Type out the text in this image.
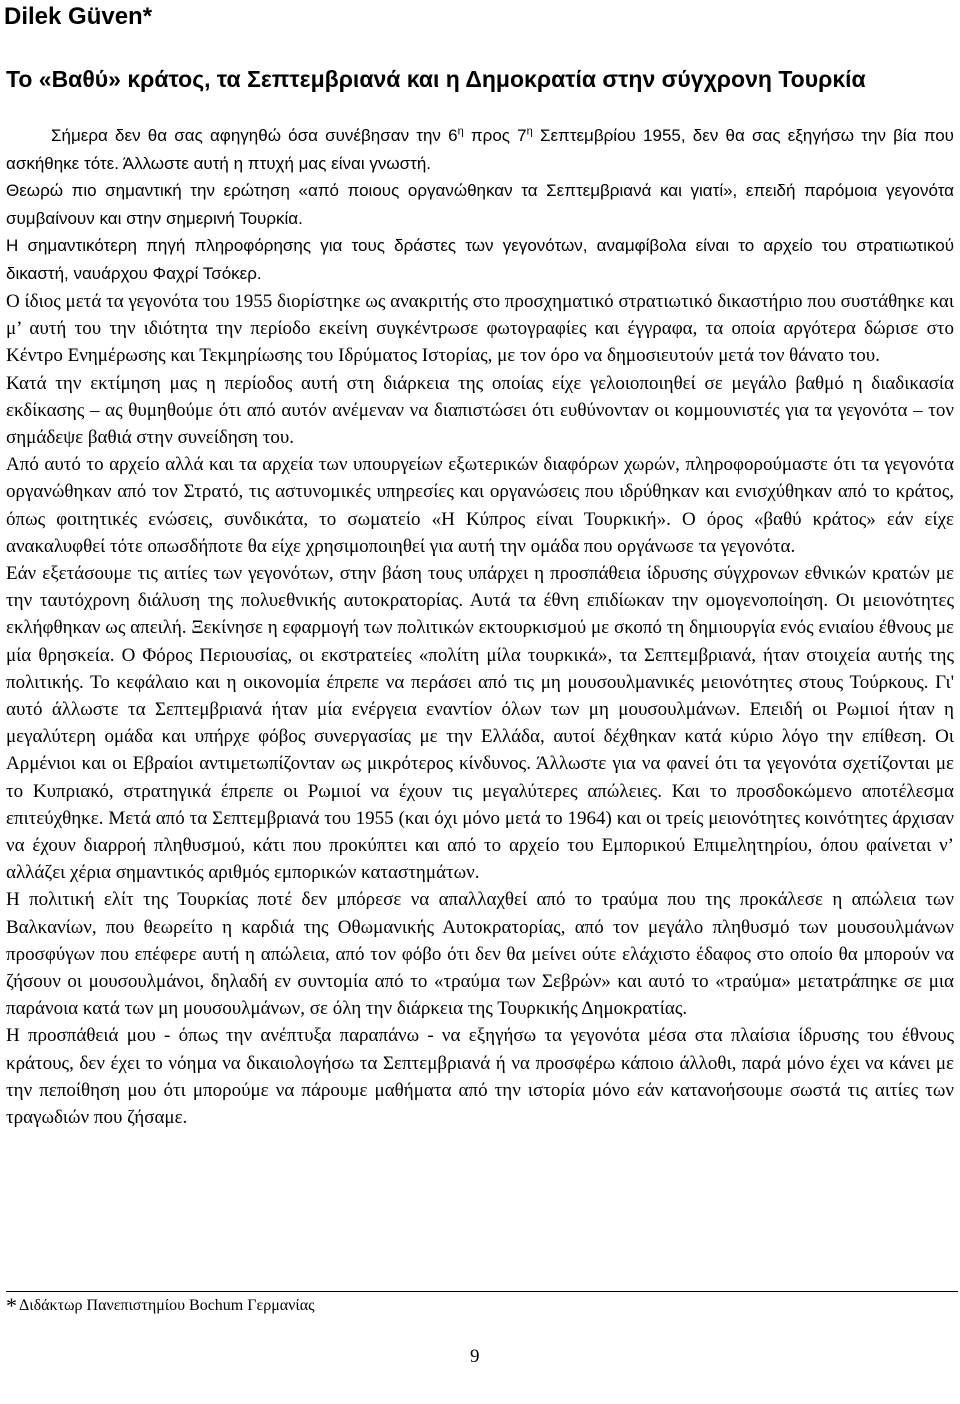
Dilek Güven*
Το «Βαθύ» κράτος, τα Σεπτεμβριανά και η Δημοκρατία στην σύγχρονη Τουρκία
Σήμερα δεν θα σας αφηγηθώ όσα συνέβησαν την $6^\eta$ προς $7^\eta$ Σεπτεμβρίου 1955, δεν θα σας εξηγήσω την βία που ασκήθηκε τότε. Άλλωστε αυτή η πτυχή μας είναι γνωστή.
Θεωρώ πιο σημαντική την ερώτηση «από ποιους οργανώθηκαν τα Σεπτεμβριανά και γιατί», επειδή παρόμοια γεγονότα συμβαίνουν και στην σημερινή Τουρκία.
Η σημαντικότερη πηγή πληροφόρησης για τους δράστες των γεγονότων, αναμφίβολα είναι το αρχείο του στρατιωτικού δικαστή, ναυάρχου Φαχρί Τσόκερ.
Ο ίδιος μετά τα γεγονότα του 1955 διορίστηκε ως ανακριτής στο προσχηματικό στρατιωτικό δικαστήριο που συστάθηκε και μ’ αυτή του την ιδιότητα την περίοδο εκείνη συγκέντρωσε φωτογραφίες και έγγραφα, τα οποία αργότερα δώρισε στο Κέντρο Ενημέρωσης και Τεκμηρίωσης του Ιδρύματος Ιστορίας, με τον όρο να δημοσιευτούν μετά τον θάνατο του.
Κατά την εκτίμηση μας η περίοδος αυτή στη διάρκεια της οποίας είχε γελοιοποιηθεί σε μεγάλο βαθμό η διαδικασία εκδίκασης – ας θυμηθούμε ότι από αυτόν ανέμεναν να διαπιστώσει ότι ευθύνονταν οι κομμουνιστές για τα γεγονότα – τον σημάδεψε βαθιά στην συνείδηση του.
Από αυτό το αρχείο αλλά και τα αρχεία των υπουργείων εξωτερικών διαφόρων χωρών, πληροφορούμαστε ότι τα γεγονότα οργανώθηκαν από τον Στρατό, τις αστυνομικές υπηρεσίες και οργανώσεις που ιδρύθηκαν και ενισχύθηκαν από το κράτος, όπως φοιτητικές ενώσεις, συνδικάτα, το σωματείο «Η Κύπρος είναι Τουρκική». Ο όρος «βαθύ κράτος» εάν είχε ανακαλυφθεί τότε οπωσδήποτε θα είχε χρησιμοποιηθεί για αυτή την ομάδα που οργάνωσε τα γεγονότα.
Εάν εξετάσουμε τις αιτίες των γεγονότων, στην βάση τους υπάρχει η προσπάθεια ίδρυσης σύγχρονων εθνικών κρατών με την ταυτόχρονη διάλυση της πολυεθνικής αυτοκρατορίας. Αυτά τα έθνη επιδίωκαν την ομογενοποίηση. Οι μειονότητες εκλήφθηκαν ως απειλή. Ξεκίνησε η εφαρμογή των πολιτικών εκτουρκισμού με σκοπό τη δημιουργία ενός ενιαίου έθνους με μία θρησκεία. Ο Φόρος Περιουσίας, οι εκστρατείες «πολίτη μίλα τουρκικά», τα Σεπτεμβριανά, ήταν στοιχεία αυτής της πολιτικής. Το κεφάλαιο και η οικονομία έπρεπε να περάσει από τις μη μουσουλμανικές μειονότητες στους Τούρκους. Γι' αυτό άλλωστε τα Σεπτεμβριανά ήταν μία ενέργεια εναντίον όλων των μη μουσουλμάνων. Επειδή οι Ρωμιοί ήταν η μεγαλύτερη ομάδα και υπήρχε φόβος συνεργασίας με την Ελλάδα, αυτοί δέχθηκαν κατά κύριο λόγο την επίθεση. Οι Αρμένιοι και οι Εβραίοι αντιμετωπίζονταν ως μικρότερος κίνδυνος. Άλλωστε για να φανεί ότι τα γεγονότα σχετίζονται με το Κυπριακό, στρατηγικά έπρεπε οι Ρωμιοί να έχουν τις μεγαλύτερες απώλειες. Και το προσδοκώμενο αποτέλεσμα επιτεύχθηκε. Μετά από τα Σεπτεμβριανά του 1955 (και όχι μόνο μετά το 1964) και οι τρείς μειονότητες κοινότητες άρχισαν να έχουν διαρροή πληθυσμού, κάτι που προκύπτει και από το αρχείο του Εμπορικού Επιμελητηρίου, όπου φαίνεται ν’ αλλάζει χέρια σημαντικός αριθμός εμπορικών καταστημάτων.
Η πολιτική ελίτ της Τουρκίας ποτέ δεν μπόρεσε να απαλλαχθεί από το τραύμα που της προκάλεσε η απώλεια των Βαλκανίων, που θεωρείτο η καρδιά της Οθωμανικής Αυτοκρατορίας, από τον μεγάλο πληθυσμό των μουσουλμάνων προσφύγων που επέφερε αυτή η απώλεια, από τον φόβο ότι δεν θα μείνει ούτε ελάχιστο έδαφος στο οποίο θα μπορούν να ζήσουν οι μουσουλμάνοι, δηλαδή εν συντομία από το «τραύμα των Σεβρών» και αυτό το «τραύμα» μετατράπηκε σε μια παράνοια κατά των μη μουσουλμάνων, σε όλη την διάρκεια της Τουρκικής Δημοκρατίας.
Η προσπάθειά μου - όπως την ανέπτυξα παραπάνω - να εξηγήσω τα γεγονότα μέσα στα πλαίσια ίδρυσης του έθνους κράτους, δεν έχει το νόημα να δικαιολογήσω τα Σεπτεμβριανά ή να προσφέρω κάποιο άλλοθι, παρά μόνο έχει να κάνει με την πεποίθηση μου ότι μπορούμε να πάρουμε μαθήματα από την ιστορία μόνο εάν κατανοήσουμε σωστά τις αιτίες των τραγωδιών που ζήσαμε.
* Διδάκτωρ Πανεπιστημίου Bochum Γερμανίας
9
